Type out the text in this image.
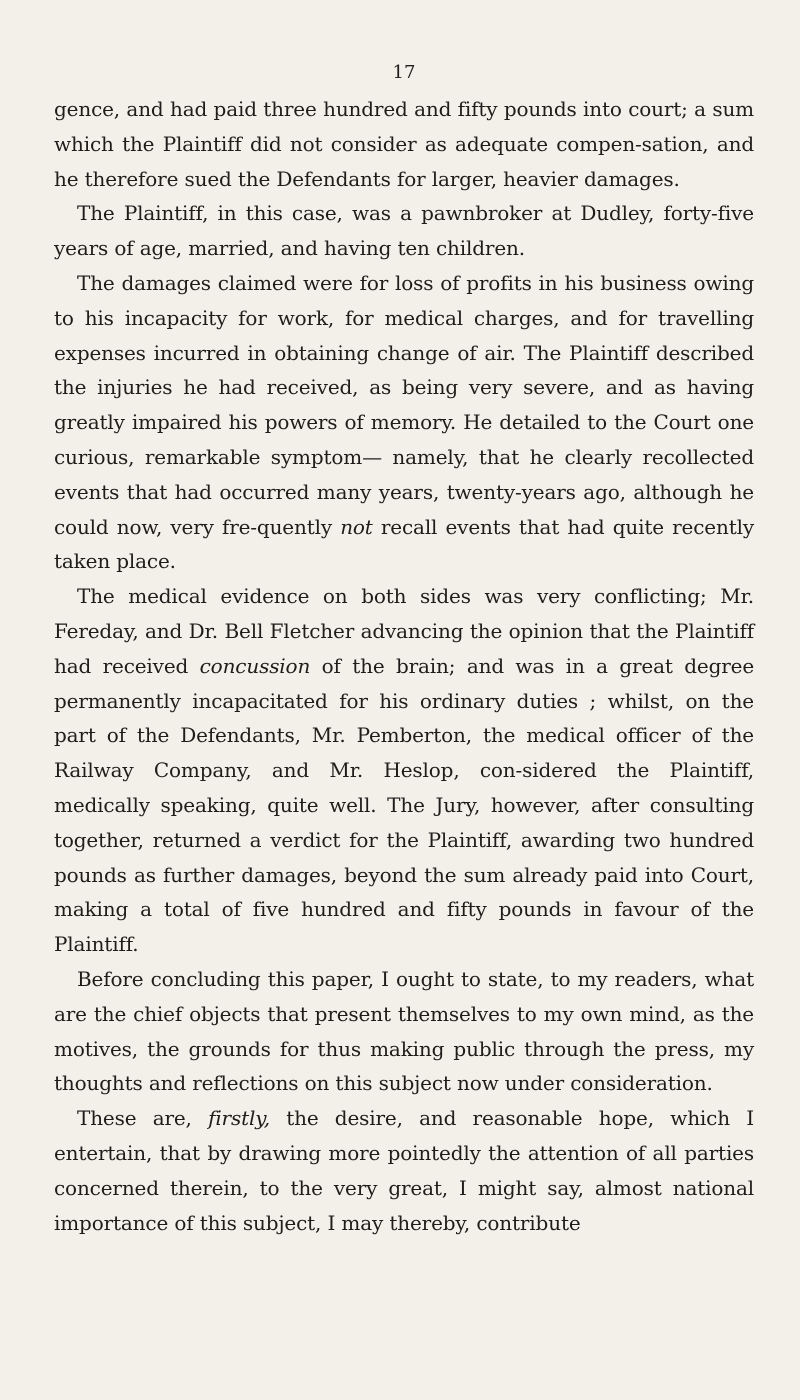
17

gence, and had paid three hundred and fifty pounds into court; a sum which the Plaintiff did not consider as adequate compen-sation, and he therefore sued the Defendants for larger, heavier damages.

The Plaintiff, in this case, was a pawnbroker at Dudley, forty-five years of age, married, and having ten children.

The damages claimed were for loss of profits in his business owing to his incapacity for work, for medical charges, and for travelling expenses incurred in obtaining change of air. The Plaintiff described the injuries he had received, as being very severe, and as having greatly impaired his powers of memory. He detailed to the Court one curious, remarkable symptom— namely, that he clearly recollected events that had occurred many years, twenty-years ago, although he could now, very fre-quently not recall events that had quite recently taken place.

The medical evidence on both sides was very conflicting; Mr. Fereday, and Dr. Bell Fletcher advancing the opinion that the Plaintiff had received concussion of the brain; and was in a great degree permanently incapacitated for his ordinary duties ; whilst, on the part of the Defendants, Mr. Pemberton, the medical officer of the Railway Company, and Mr. Heslop, con-sidered the Plaintiff, medically speaking, quite well. The Jury, however, after consulting together, returned a verdict for the Plaintiff, awarding two hundred pounds as further damages, beyond the sum already paid into Court, making a total of five hundred and fifty pounds in favour of the Plaintiff.

Before concluding this paper, I ought to state, to my readers, what are the chief objects that present themselves to my own mind, as the motives, the grounds for thus making public through the press, my thoughts and reflections on this subject now under consideration.

These are, firstly, the desire, and reasonable hope, which I entertain, that by drawing more pointedly the attention of all parties concerned therein, to the very great, I might say, almost national importance of this subject, I may thereby, contribute
